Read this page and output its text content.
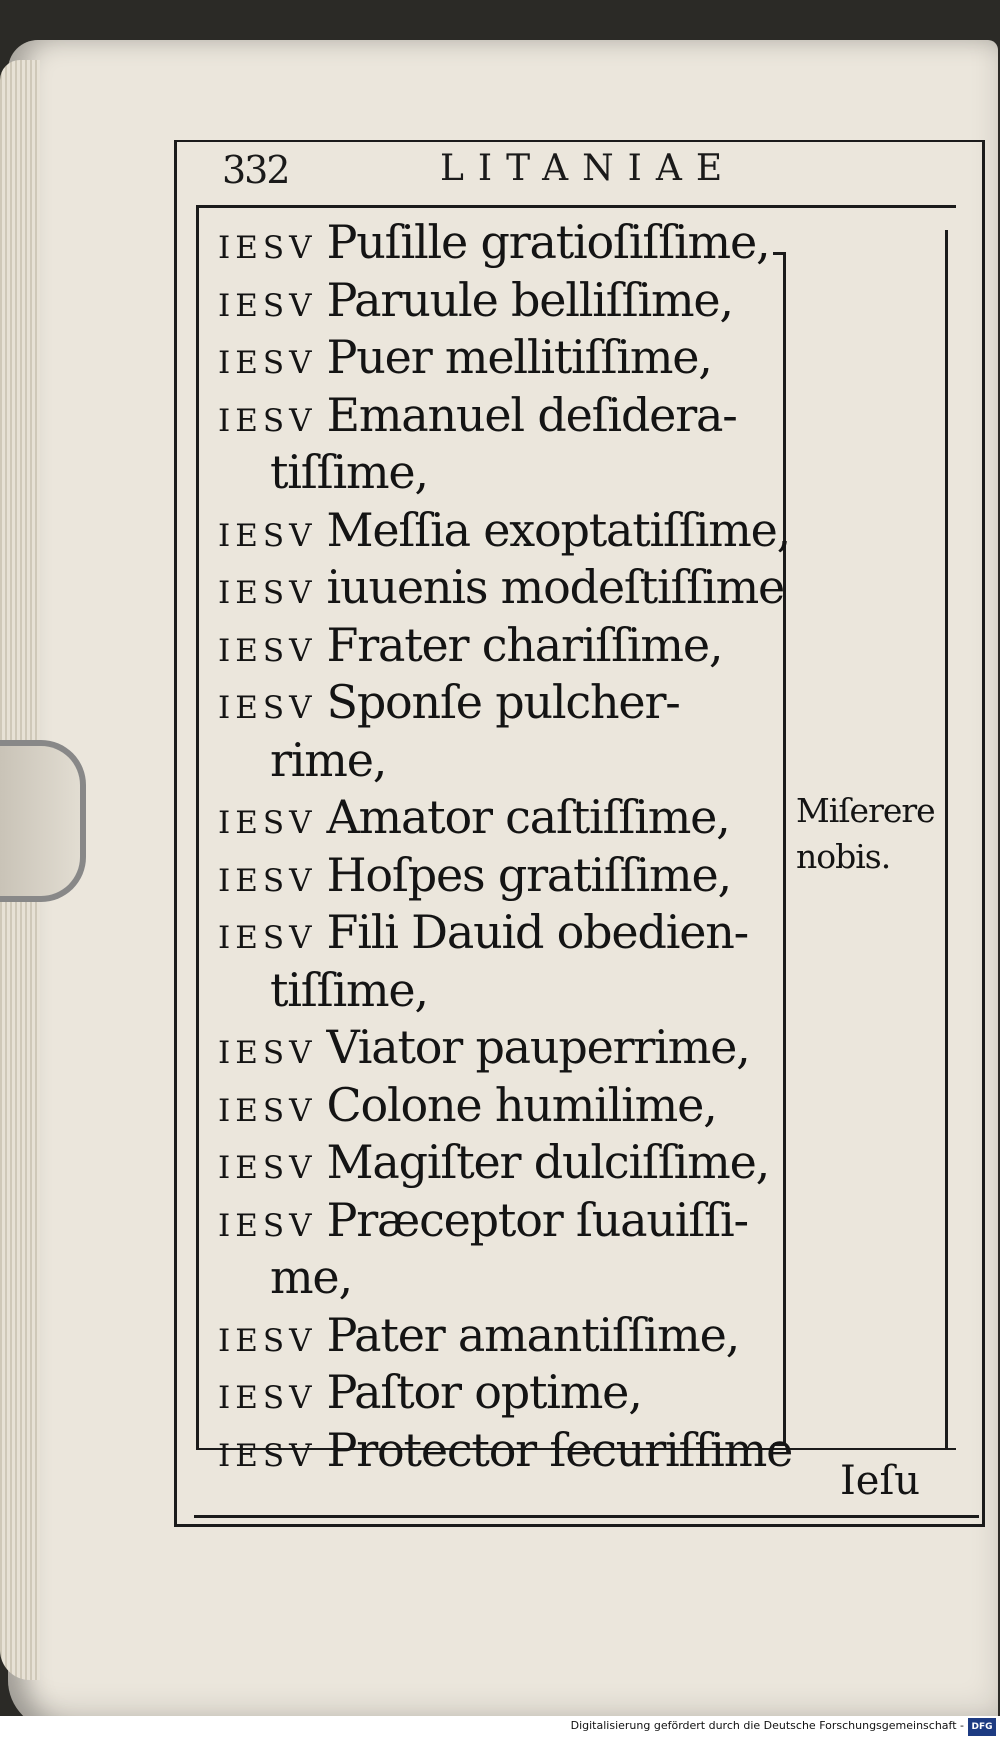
332	LITANIAE
IESV Puſille gratioſiſſime,
IESV Paruule belliſſime,
IESV Puer mellitiſſime,
IESV Emanuel deſidera-
tiſſime,
IESV Meſſia exoptatiſſime,
IESV iuuenis modeſtiſſime
IESV Frater chariſſime,
IESV Sponſe pulcher-
rime,
IESV Amator caſtiſſime,
IESV Hoſpes gratiſſime,
IESV Fili Dauid obedien-
tiſſime,
IESV Viator pauperrime,
IESV Colone humilime,
IESV Magiſter dulciſſime,
IESV Præceptor ſuauiſſi-
me,
IESV Pater amantiſſime,
IESV Paſtor optime,
IESV Protector ſecuriſſime
Miſerere
nobis.
Ieſu
Digitalisierung gefördert durch die Deutsche Forschungsgemeinschaft - DFG
